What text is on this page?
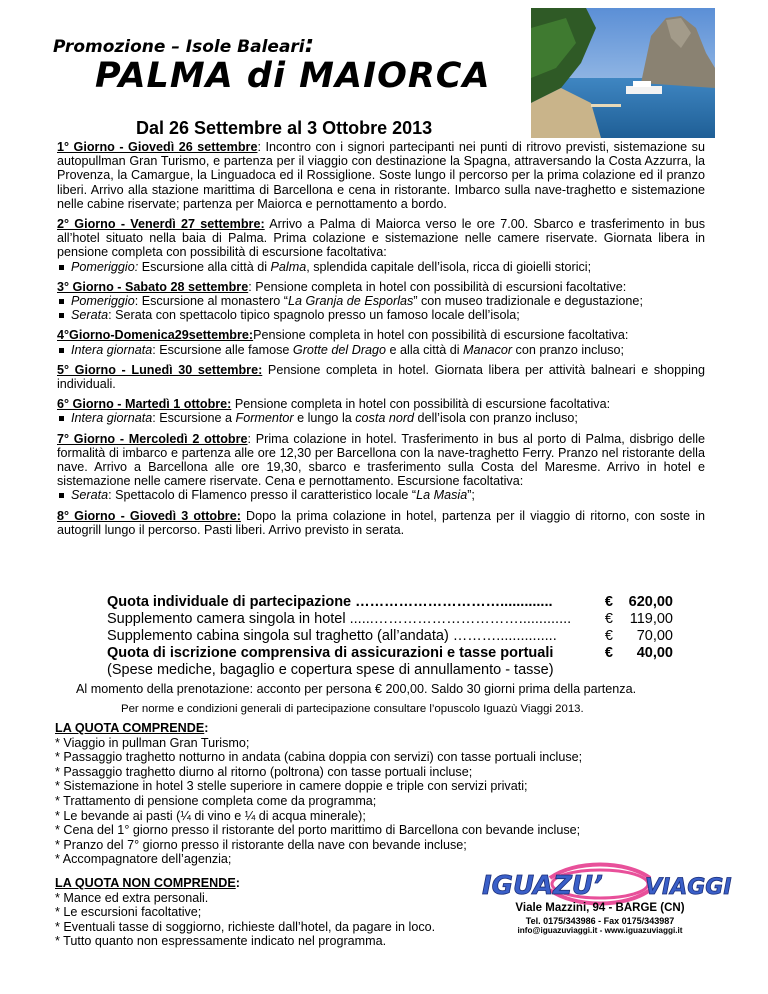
Promozione – Isole Baleari:
PALMA di MAIORCA
Dal 26 Settembre al 3 Ottobre 2013
1° Giorno - Giovedì 26 settembre: Incontro con i signori partecipanti nei punti di ritrovo previsti, sistemazione su autopullman Gran Turismo, e partenza per il viaggio con destinazione la Spagna, attraversando la Costa Azzurra, la Provenza, la Camargue, la Linguadoca ed il Rossiglione. Soste lungo il percorso per la prima colazione ed il pranzo liberi. Arrivo alla stazione marittima di Barcellona e cena in ristorante. Imbarco sulla nave-traghetto e sistemazione nelle cabine riservate; partenza per Maiorca e pernottamento a bordo.
2° Giorno - Venerdì 27 settembre: Arrivo a Palma di Maiorca verso le ore 7.00. Sbarco e trasferimento in bus all’hotel situato nella baia di Palma. Prima colazione e sistemazione nelle camere riservate. Giornata libera in pensione completa con possibilità di escursione facoltativa:
Pomeriggio: Escursione alla città di Palma, splendida capitale dell’isola, ricca di gioielli storici;
3° Giorno - Sabato 28 settembre: Pensione completa in hotel con possibilità di escursioni facoltative:
Pomeriggio: Escursione al monastero “La Granja de Esporlas” con museo tradizionale e degustazione;
Serata: Serata con spettacolo tipico spagnolo presso un famoso locale dell’isola;
4°Giorno-Domenica29settembre:Pensione completa in hotel con possibilità di escursione facoltativa:
Intera giornata: Escursione alle famose Grotte del Drago e alla città di Manacor con pranzo incluso;
5° Giorno - Lunedì 30 settembre: Pensione completa in hotel. Giornata libera per attività balneari e shopping individuali.
6° Giorno - Martedì 1 ottobre: Pensione completa in hotel con possibilità di escursione facoltativa:
Intera giornata: Escursione a Formentor e lungo la costa nord dell’isola con pranzo incluso;
7° Giorno - Mercoledì 2 ottobre: Prima colazione in hotel. Trasferimento in bus al porto di Palma, disbrigo delle formalità di imbarco e partenza alle ore 12,30 per Barcellona con la nave-traghetto Ferry. Pranzo nel ristorante della nave. Arrivo a Barcellona alle ore 19,30, sbarco e trasferimento sulla Costa del Maresme. Arrivo in hotel e sistemazione nelle camere riservate. Cena e pernottamento. Escursione facoltativa:
Serata: Spettacolo di Flamenco presso il caratteristico locale “La Masia”;
8° Giorno - Giovedì 3 ottobre: Dopo la prima colazione in hotel, partenza per il viaggio di ritorno, con soste in autogrill lungo il percorso. Pasti liberi. Arrivo previsto in serata.
Quota individuale di partecipazione ………………………….............	€ 620,00
Supplemento camera singola in hotel ......…………………………............. € 119,00
Supplemento cabina singola sul traghetto (all’andata) ………...............	€ 70,00
Quota di iscrizione comprensiva di assicurazioni e tasse portuali	€ 40,00
(Spese mediche, bagaglio e copertura spese di annullamento - tasse)
Al momento della prenotazione: acconto per persona € 200,00. Saldo 30 giorni prima della partenza.
Per norme e condizioni generali di partecipazione consultare l’opuscolo Iguazù Viaggi 2013.
LA QUOTA COMPRENDE:
* Viaggio in pullman Gran Turismo;
* Passaggio traghetto notturno in andata (cabina doppia con servizi) con tasse portuali incluse;
* Passaggio traghetto diurno al ritorno (poltrona) con tasse portuali incluse;
* Sistemazione in hotel 3 stelle superiore in camere doppie e triple con servizi privati;
* Trattamento di pensione completa come da programma;
* Le bevande ai pasti (¼ di vino e ¼ di acqua minerale);
* Cena del 1° giorno presso il ristorante del porto marittimo di Barcellona con bevande incluse;
* Pranzo del 7° giorno presso il ristorante della nave con bevande incluse;
* Accompagnatore dell’agenzia;
LA QUOTA NON COMPRENDE:
* Mance ed extra personali.
* Le escursioni facoltative;
* Eventuali tasse di soggiorno, richieste dall’hotel, da pagare in loco.
* Tutto quanto non espressamente indicato nel programma.
IGUAZU’ VIAGGI
Viale Mazzini, 94 - BARGE (CN)
Tel. 0175/343986 - Fax 0175/343987
info@iguazuviaggi.it - www.iguazuviaggi.it
